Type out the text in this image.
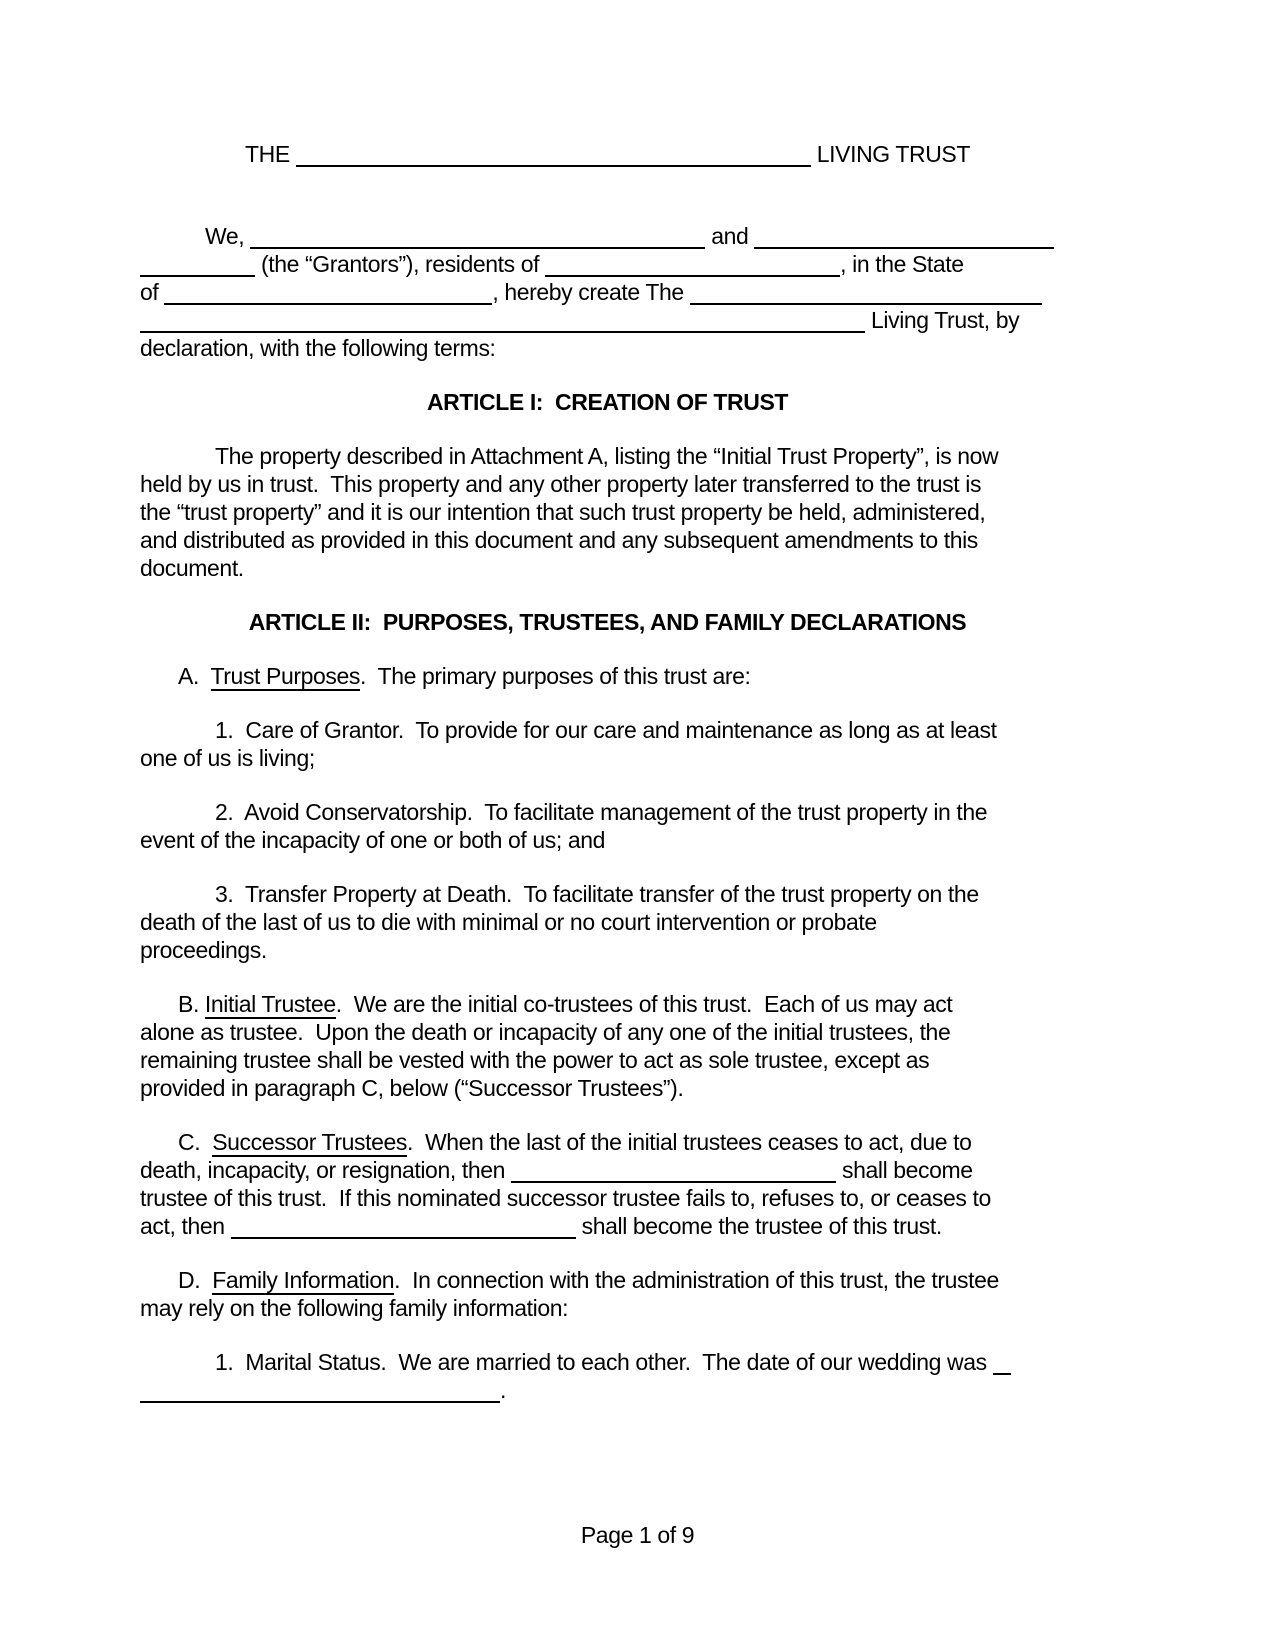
THE	LIVING TRUST
We,	and
(the “Grantors”), residents of	, in the State
of	, hereby create The
Living Trust, by
declaration, with the following terms:
ARTICLE I:  CREATION OF TRUST
The property described in Attachment A, listing the “Initial Trust Property”, is now
held by us in trust.  This property and any other property later transferred to the trust is
the “trust property” and it is our intention that such trust property be held, administered,
and distributed as provided in this document and any subsequent amendments to this
document.
ARTICLE II:  PURPOSES, TRUSTEES, AND FAMILY DECLARATIONS
A.  Trust Purposes.  The primary purposes of this trust are:
1.  Care of Grantor.  To provide for our care and maintenance as long as at least
one of us is living;
2.  Avoid Conservatorship.  To facilitate management of the trust property in the
event of the incapacity of one or both of us; and
3.  Transfer Property at Death.  To facilitate transfer of the trust property on the
death of the last of us to die with minimal or no court intervention or probate
proceedings.
B. Initial Trustee.  We are the initial co-trustees of this trust.  Each of us may act
alone as trustee.  Upon the death or incapacity of any one of the initial trustees, the
remaining trustee shall be vested with the power to act as sole trustee, except as
provided in paragraph C, below (“Successor Trustees”).
C.  Successor Trustees.  When the last of the initial trustees ceases to act, due to
death, incapacity, or resignation, then	shall become
trustee of this trust.  If this nominated successor trustee fails to, refuses to, or ceases to
act, then	shall become the trustee of this trust.
D.  Family Information.  In connection with the administration of this trust, the trustee
may rely on the following family information:
1.  Marital Status.  We are married to each other.  The date of our wedding was
.
Page 1 of 9
